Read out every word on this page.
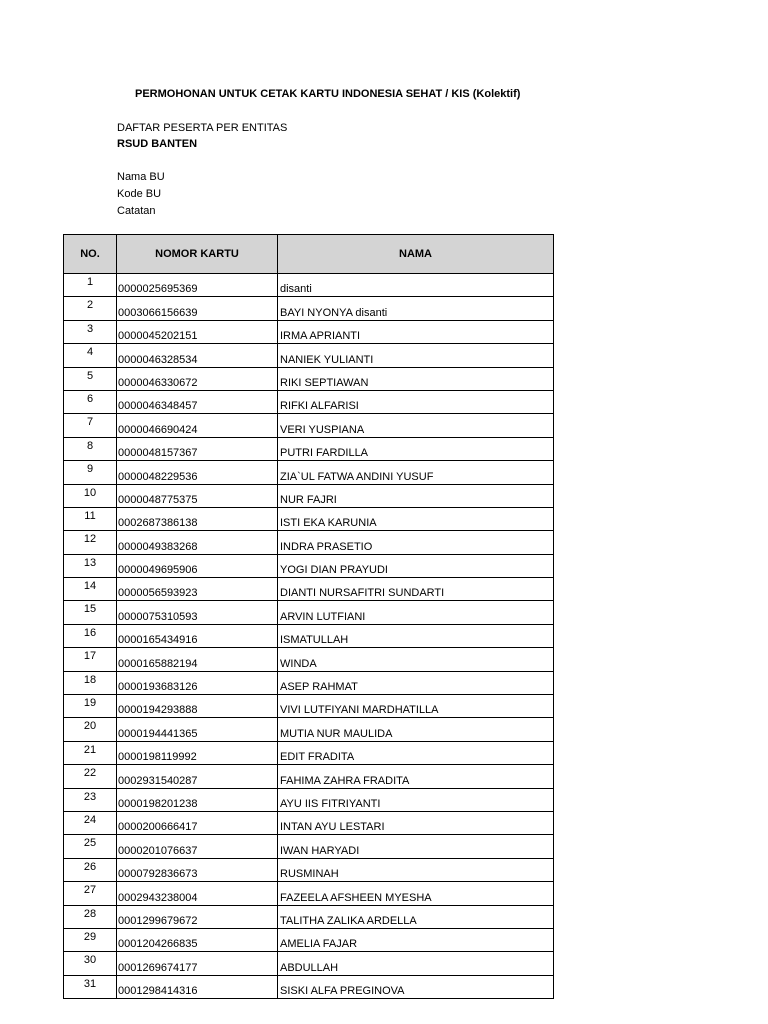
PERMOHONAN UNTUK CETAK KARTU INDONESIA SEHAT / KIS (Kolektif)
DAFTAR PESERTA PER ENTITAS
RSUD BANTEN
Nama BU
Kode BU
Catatan
NO.	NOMOR KARTU	NAMA
1	0000025695369	disanti
2	0003066156639	BAYI NYONYA disanti
3	0000045202151	IRMA APRIANTI
4	0000046328534	NANIEK YULIANTI
5	0000046330672	RIKI SEPTIAWAN
6	0000046348457	RIFKI ALFARISI
7	0000046690424	VERI YUSPIANA
8	0000048157367	PUTRI FARDILLA
9	0000048229536	ZIA`UL FATWA ANDINI YUSUF
10	0000048775375	NUR FAJRI
11	0002687386138	ISTI EKA KARUNIA
12	0000049383268	INDRA PRASETIO
13	0000049695906	YOGI DIAN PRAYUDI
14	0000056593923	DIANTI NURSAFITRI SUNDARTI
15	0000075310593	ARVIN LUTFIANI
16	0000165434916	ISMATULLAH
17	0000165882194	WINDA
18	0000193683126	ASEP RAHMAT
19	0000194293888	VIVI LUTFIYANI MARDHATILLA
20	0000194441365	MUTIA NUR MAULIDA
21	0000198119992	EDIT FRADITA
22	0002931540287	FAHIMA ZAHRA FRADITA
23	0000198201238	AYU IIS FITRIYANTI
24	0000200666417	INTAN AYU LESTARI
25	0000201076637	IWAN HARYADI
26	0000792836673	RUSMINAH
27	0002943238004	FAZEELA AFSHEEN MYESHA
28	0001299679672	TALITHA ZALIKA ARDELLA
29	0001204266835	AMELIA FAJAR
30	0001269674177	ABDULLAH
31	0001298414316	SISKI ALFA PREGINOVA
